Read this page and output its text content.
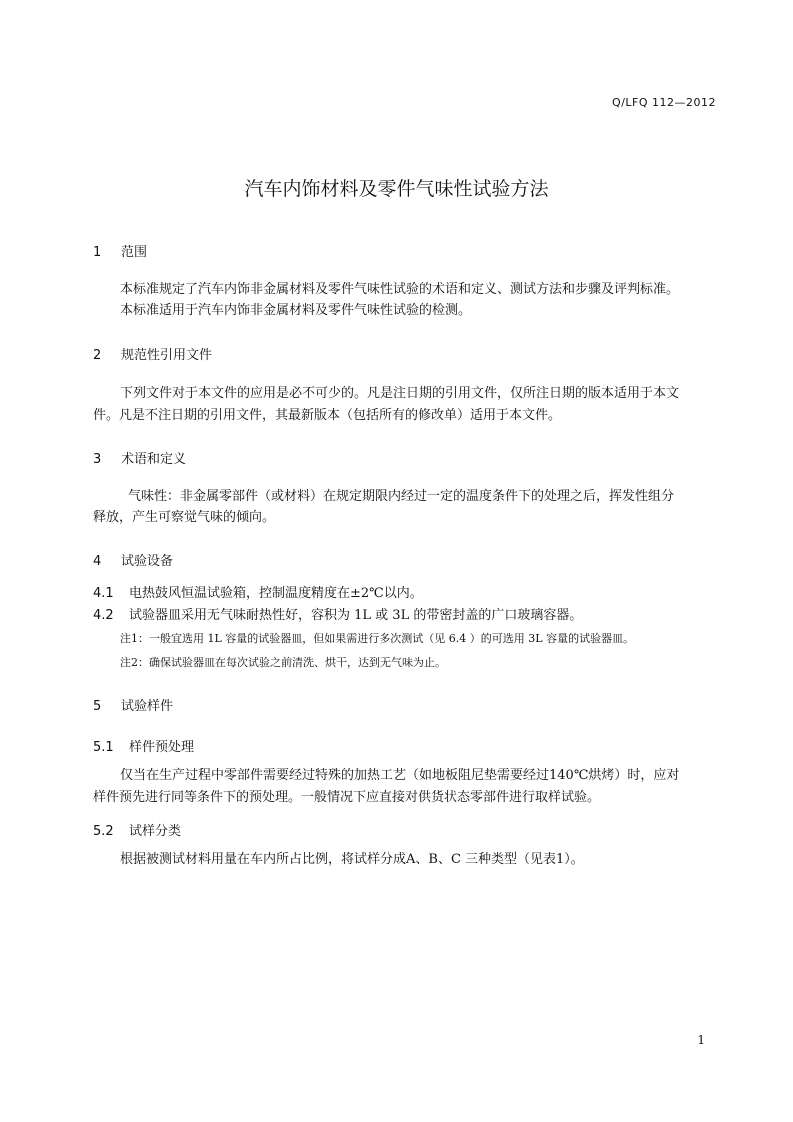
Q/LFQ 112—2012
汽车内饰材料及零件气味性试验方法
1 范围
本标准规定了汽车内饰非金属材料及零件气味性试验的术语和定义、测试方法和步骤及评判标准。
本标准适用于汽车内饰非金属材料及零件气味性试验的检测。
2 规范性引用文件
下列文件对于本文件的应用是必不可少的。凡是注日期的引用文件，仅所注日期的版本适用于本文
件。凡是不注日期的引用文件，其最新版本（包括所有的修改单）适用于本文件。
3 术语和定义
气味性：非金属零部件（或材料）在规定期限内经过一定的温度条件下的处理之后，挥发性组分
释放，产生可察觉气味的倾向。
4 试验设备
4.1 电热鼓风恒温试验箱，控制温度精度在±2℃以内。
4.2 试验器皿采用无气味耐热性好，容积为 1L 或 3L 的带密封盖的广口玻璃容器。
注1：一般宜选用 1L 容量的试验器皿，但如果需进行多次测试（见 6.4 ）的可选用 3L 容量的试验器皿。
注2：确保试验器皿在每次试验之前清洗、烘干，达到无气味为止。
5 试验样件
5.1 样件预处理
仅当在生产过程中零部件需要经过特殊的加热工艺（如地板阻尼垫需要经过140℃烘烤）时，应对
样件预先进行同等条件下的预处理。一般情况下应直接对供货状态零部件进行取样试验。
5.2 试样分类
根据被测试材料用量在车内所占比例，将试样分成A、B、C 三种类型（见表1）。
1
